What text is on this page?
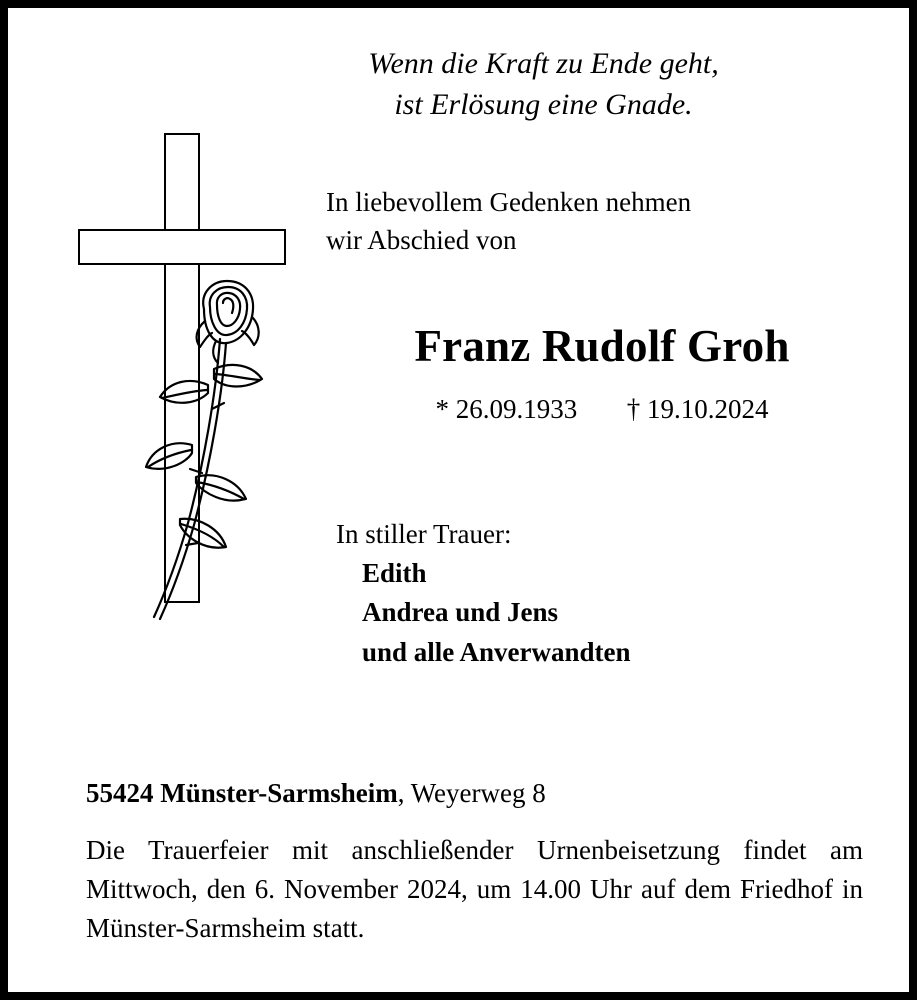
Wenn die Kraft zu Ende geht,
ist Erlösung eine Gnade.

In liebevollem Gedenken nehmen
wir Abschied von

Franz Rudolf Groh
* 26.09.1933 † 19.10.2024
In stiller Trauer:
Edith
Andrea und Jens
und alle Anverwandten
55424 Münster-Sarmsheim, Weyerweg 8

Die Trauerfeier mit anschließender Urnenbeisetzung findet am Mittwoch, den 6. November 2024, um 14.00 Uhr auf dem Friedhof in Münster-Sarmsheim statt.
